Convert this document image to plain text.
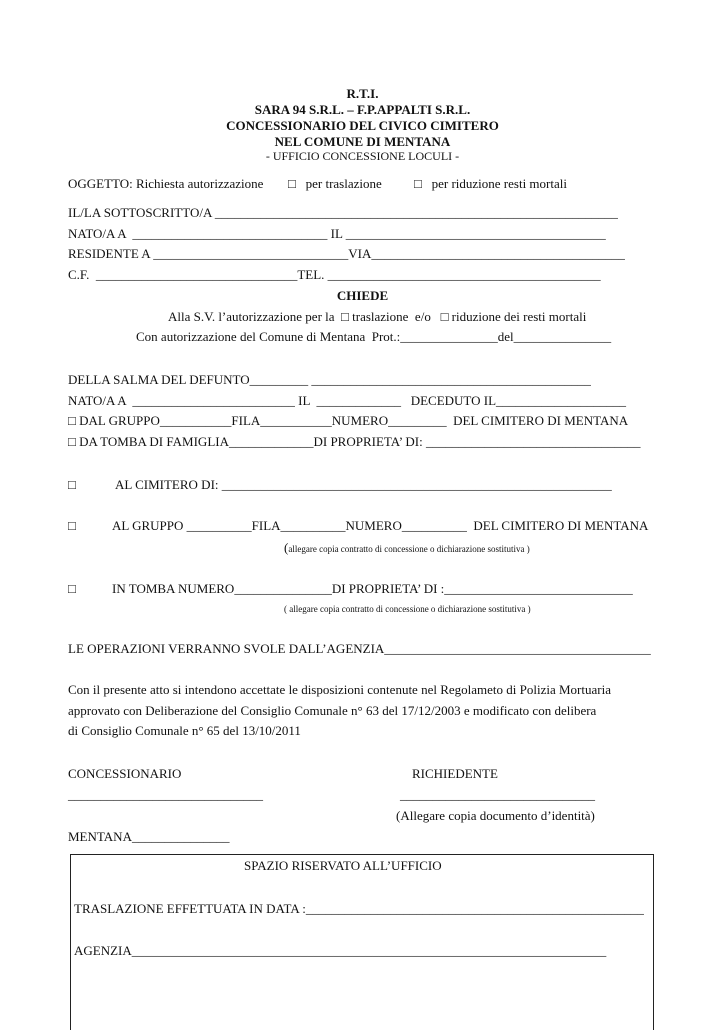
R.T.I.
SARA 94 S.R.L. – F.P.APPALTI S.R.L.
CONCESSIONARIO DEL CIVICO CIMITERO
NEL COMUNE DI MENTANA
- UFFICIO CONCESSIONE LOCULI -
OGGETTO: Richiesta autorizzazione □   per traslazione □   per riduzione resti mortali
IL/LA SOTTOSCRITTO/A ______________________________________________________________
NATO/A A  ______________________________ IL ________________________________________
RESIDENTE A ______________________________VIA_______________________________________
C.F.  _______________________________TEL. __________________________________________
CHIEDE
Alla S.V. l’autorizzazione per la  □ traslazione  e/o   □ riduzione dei resti mortali
Con autorizzazione del Comune di Mentana  Prot.:_______________del_______________
DELLA SALMA DEL DEFUNTO_________ ___________________________________________
NATO/A A  _________________________ IL  _____________   DECEDUTO IL____________________
□ DAL GRUPPO___________FILA___________NUMERO_________  DEL CIMITERO DI MENTANA
□ DA TOMBA DI FAMIGLIA_____________DI PROPRIETA’ DI: _________________________________
□	AL CIMITERO DI: ____________________________________________________________
□	AL GRUPPO __________FILA__________NUMERO__________  DEL CIMITERO DI MENTANA
(allegare copia contratto di concessione o dichiarazione sostitutiva )
□	IN TOMBA NUMERO_______________DI PROPRIETA’ DI :_____________________________
( allegare copia contratto di concessione o dichiarazione sostitutiva )
LE OPERAZIONI VERRANNO SVOLE DALL’AGENZIA_________________________________________
Con il presente atto si intendono accettate le disposizioni contenute nel Regolameto di Polizia Mortuaria
approvato con Deliberazione del Consiglio Comunale n° 63 del 17/12/2003 e modificato con delibera
di Consiglio Comunale n° 65 del 13/10/2011
CONCESSIONARIO	RICHIEDENTE
______________________________	______________________________
(Allegare copia documento d’identità)
MENTANA_______________
SPAZIO RISERVATO ALL’UFFICIO
TRASLAZIONE EFFETTUATA IN DATA :____________________________________________________
AGENZIA_________________________________________________________________________
